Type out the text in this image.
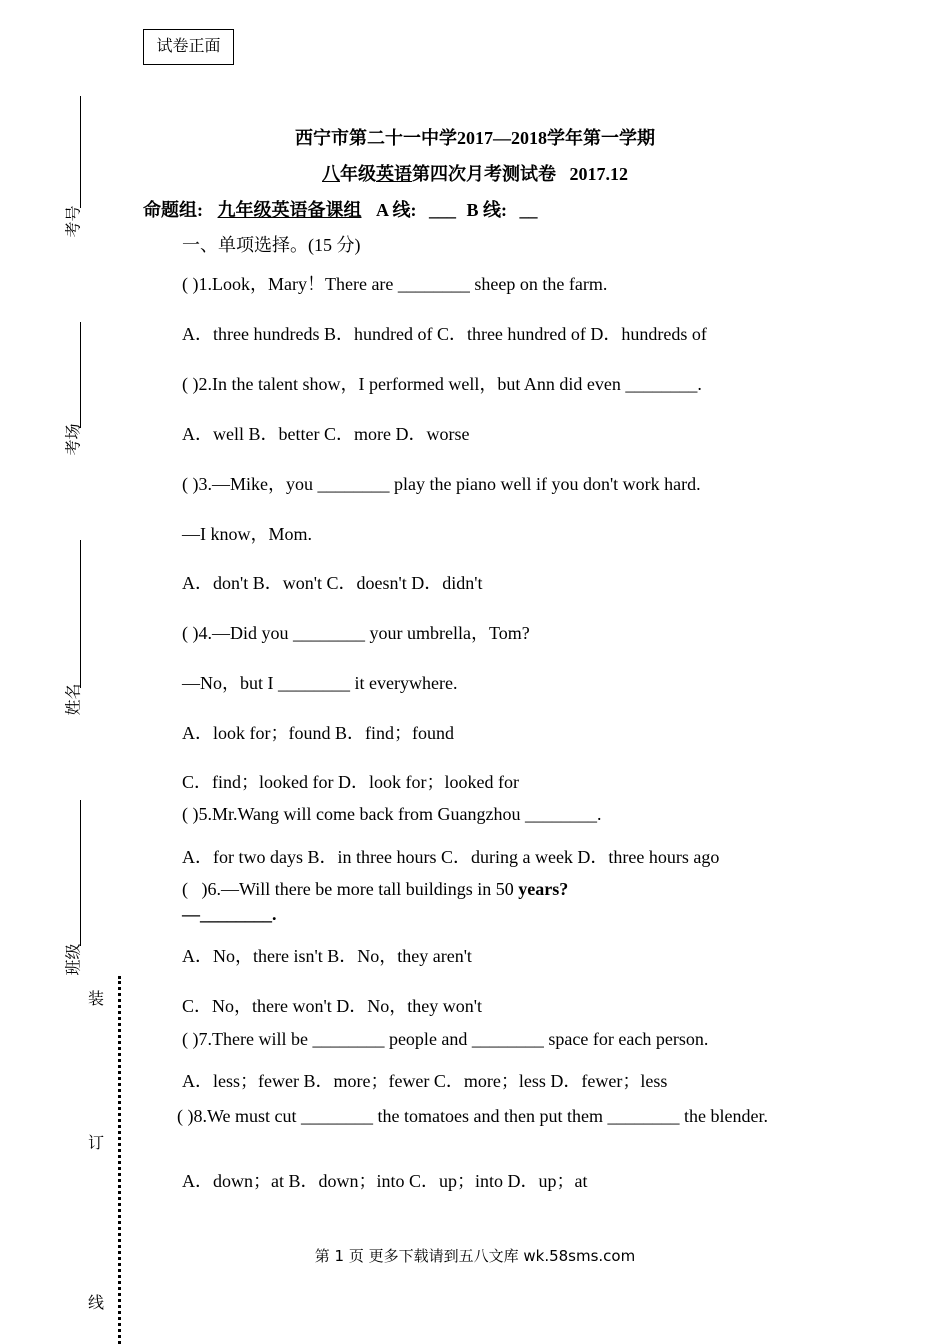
试卷正面
考号
考场
姓名
班级
装
订
线
西宁市第二十一中学2017—2018学年第一学期
八年级英语第四次月考测试卷   2017.12
命题组: 九年级英语备课组 A 线: ___ B 线: __
一、单项选择。(15 分)
( )1.Look，Mary！There are ________ sheep on the farm.
A．three hundreds B．hundred of C．three hundred of D．hundreds of
( )2.In the talent show，I performed well，but Ann did even ________.
A．well B．better C．more D．worse
( )3.—Mike，you ________ play the piano well if you don't work hard.
—I know，Mom.
A．don't B．won't C．doesn't D．didn't
( )4.—Did you ________ your umbrella，Tom?
—No，but I ________ it everywhere.
A．look for；found B．find；found
C．find；looked for D．look for；looked for
( )5.Mr.Wang will come back from Guangzhou ________.
A．for two days B．in three hours C．during a week D．three hours ago
(   )6.—Will there be more tall buildings in 50 years?
—________.
A．No，there isn't B．No，they aren't
C．No，there won't D．No，they won't
( )7.There will be ________ people and ________ space for each person.
A．less；fewer B．more；fewer C．more；less D．fewer；less
( )8.We must cut ________ the tomatoes and then put them ________ the blender.
A．down；at B．down；into C．up；into D．up；at
第 1 页 更多下载请到五八文库 wk.58sms.com
